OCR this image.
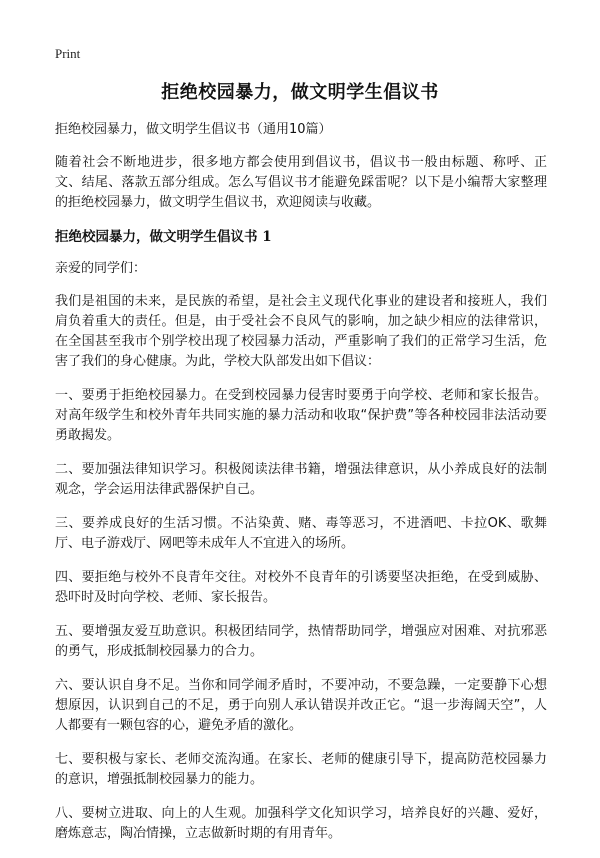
Print
拒绝校园暴力，做文明学生倡议书

拒绝校园暴力，做文明学生倡议书（通用10篇）

随着社会不断地进步，很多地方都会使用到倡议书，倡议书一般由标题、称呼、正文、结尾、落款五部分组成。怎么写倡议书才能避免踩雷呢？以下是小编帮大家整理的拒绝校园暴力，做文明学生倡议书，欢迎阅读与收藏。

拒绝校园暴力，做文明学生倡议书 1

亲爱的同学们：

我们是祖国的未来，是民族的希望，是社会主义现代化事业的建设者和接班人，我们肩负着重大的责任。但是，由于受社会不良风气的影响，加之缺少相应的法律常识，在全国甚至我市个别学校出现了校园暴力活动，严重影响了我们的正常学习生活，危害了我们的身心健康。为此，学校大队部发出如下倡议：

一、要勇于拒绝校园暴力。在受到校园暴力侵害时要勇于向学校、老师和家长报告。对高年级学生和校外青年共同实施的暴力活动和收取“保护费”等各种校园非法活动要勇敢揭发。

二、要加强法律知识学习。积极阅读法律书籍，增强法律意识，从小养成良好的法制观念，学会运用法律武器保护自己。

三、要养成良好的生活习惯。不沾染黄、赌、毒等恶习，不进酒吧、卡拉OK、歌舞厅、电子游戏厅、网吧等未成年人不宜进入的场所。

四、要拒绝与校外不良青年交往。对校外不良青年的引诱要坚决拒绝，在受到威胁、恐吓时及时向学校、老师、家长报告。

五、要增强友爱互助意识。积极团结同学，热情帮助同学，增强应对困难、对抗邪恶的勇气，形成抵制校园暴力的合力。

六、要认识自身不足。当你和同学闹矛盾时，不要冲动，不要急躁，一定要静下心想想原因，认识到自己的不足，勇于向别人承认错误并改正它。“退一步海阔天空”，人人都要有一颗包容的心，避免矛盾的激化。

七、要积极与家长、老师交流沟通。在家长、老师的健康引导下，提高防范校园暴力的意识，增强抵制校园暴力的能力。

八、要树立进取、向上的人生观。加强科学文化知识学习，培养良好的兴趣、爱好，磨炼意志，陶冶情操，立志做新时期的有用青年。
